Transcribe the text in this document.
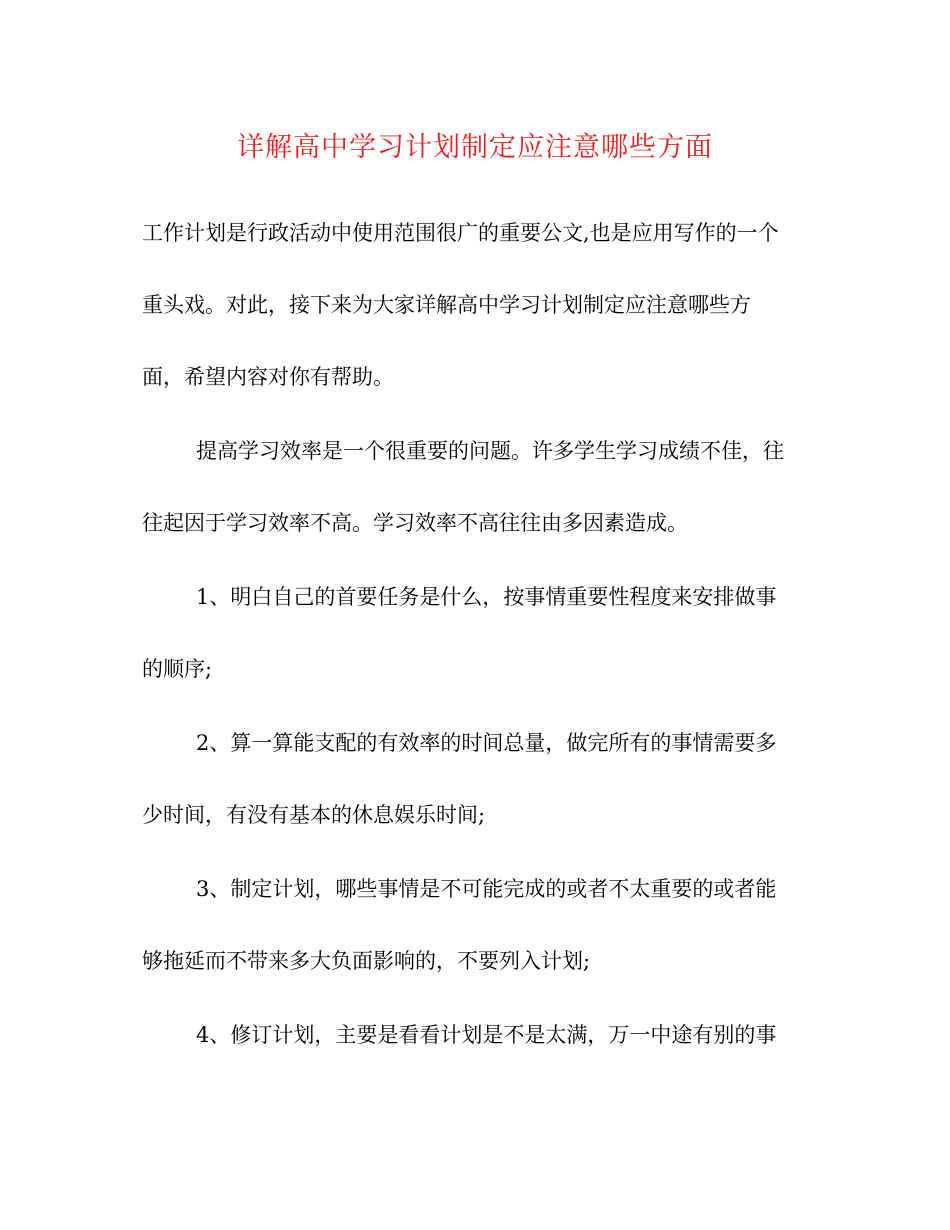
详解高中学习计划制定应注意哪些方面
工作计划是行政活动中使用范围很广的重要公文,也是应用写作的一个
重头戏。对此，接下来为大家详解高中学习计划制定应注意哪些方
面，希望内容对你有帮助。
提高学习效率是一个很重要的问题。许多学生学习成绩不佳，往
往起因于学习效率不高。学习效率不高往往由多因素造成。
1、明白自己的首要任务是什么，按事情重要性程度来安排做事
的顺序;
2、算一算能支配的有效率的时间总量，做完所有的事情需要多
少时间，有没有基本的休息娱乐时间;
3、制定计划，哪些事情是不可能完成的或者不太重要的或者能
够拖延而不带来多大负面影响的，不要列入计划;
4、修订计划，主要是看看计划是不是太满，万一中途有别的事
